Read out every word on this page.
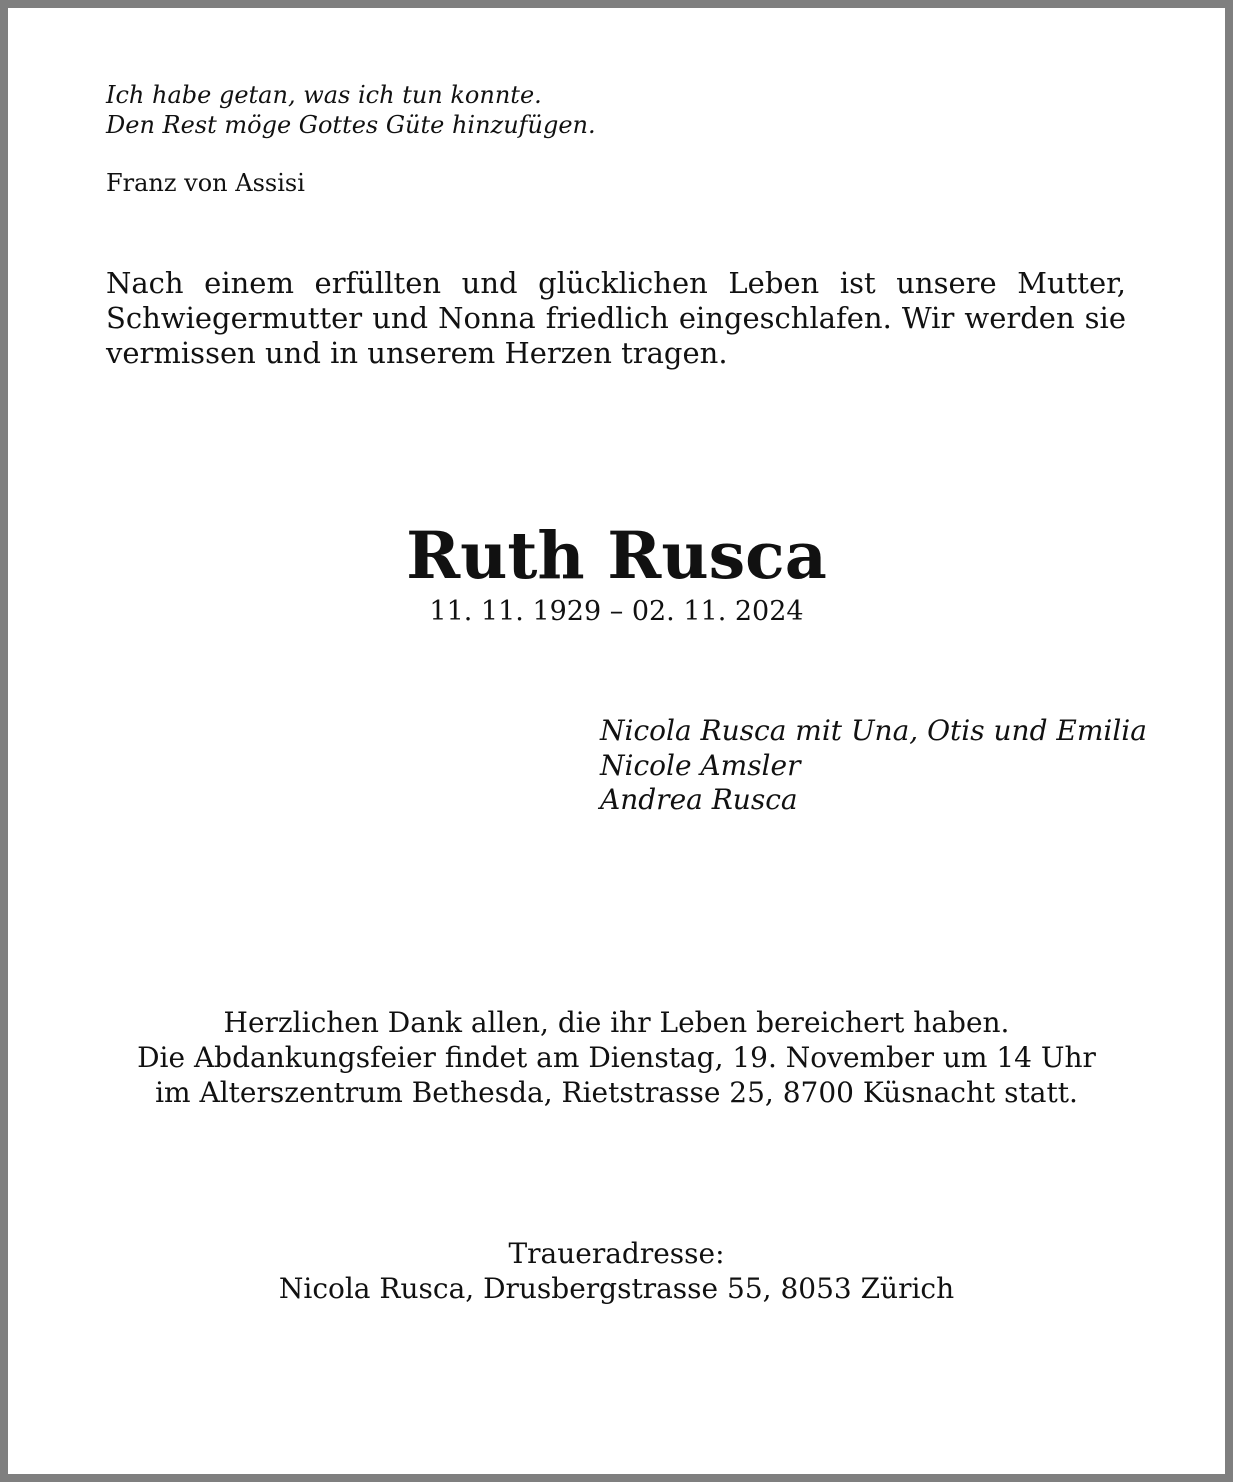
Ich habe getan, was ich tun konnte.
Den Rest möge Gottes Güte hinzufügen.
Franz von Assisi
Nach einem erfüllten und glücklichen Leben ist unsere Mutter, Schwiegermutter und Nonna friedlich eingeschlafen. Wir werden sie vermissen und in unserem Herzen tragen.
Ruth Rusca
11. 11. 1929 – 02. 11. 2024
Nicola Rusca mit Una, Otis und Emilia
Nicole Amsler
Andrea Rusca
Herzlichen Dank allen, die ihr Leben bereichert haben.
Die Abdankungsfeier findet am Dienstag, 19. November um 14 Uhr
im Alterszentrum Bethesda, Rietstrasse 25, 8700 Küsnacht statt.
Traueradresse:
Nicola Rusca, Drusbergstrasse 55, 8053 Zürich
